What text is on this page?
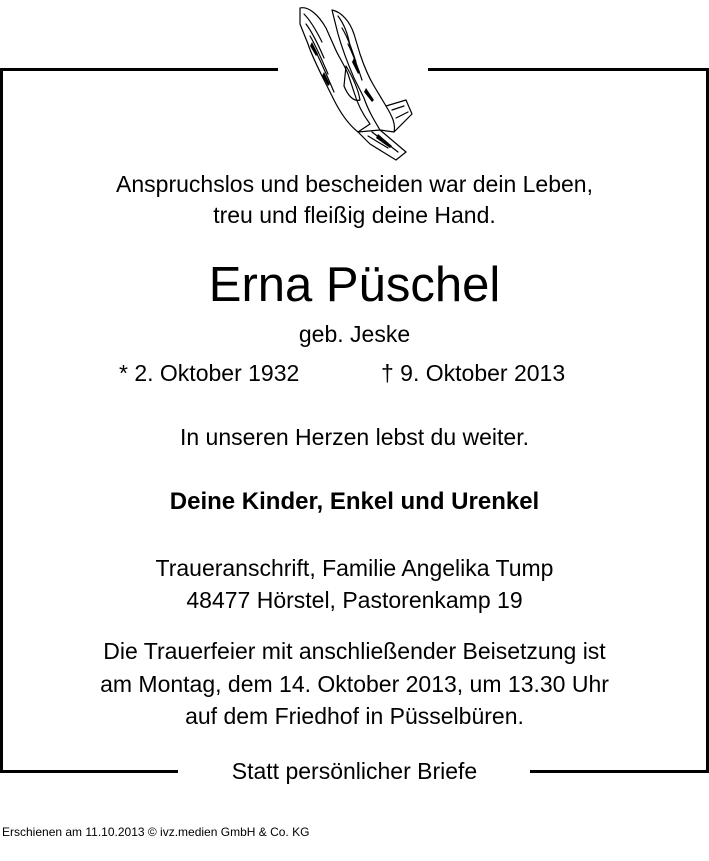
Anspruchslos und bescheiden war dein Leben,
treu und fleißig deine Hand.
Erna Püschel
geb. Jeske
* 2. Oktober 1932	† 9. Oktober 2013
In unseren Herzen lebst du weiter.
Deine Kinder, Enkel und Urenkel
Traueranschrift, Familie Angelika Tump
48477 Hörstel, Pastorenkamp 19
Die Trauerfeier mit anschließender Beisetzung ist
am Montag, dem 14. Oktober 2013, um 13.30 Uhr
auf dem Friedhof in Püsselbüren.
Statt persönlicher Briefe
Erschienen am 11.10.2013 © ivz.medien GmbH & Co. KG
